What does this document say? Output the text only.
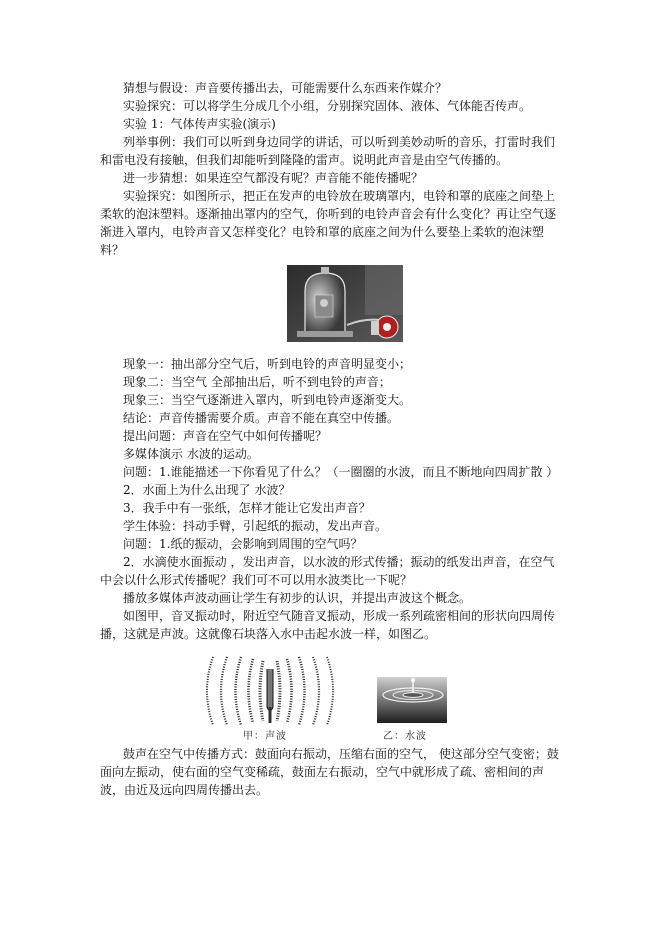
猜想与假设：声音要传播出去，可能需要什么东西来作媒介？

实验探究：可以将学生分成几个小组，分别探究固体、液体、气体能否传声。

实验 1：气体传声实验(演示)

列举事例：我们可以听到身边同学的讲话，可以听到美妙动听的音乐，打雷时我们和雷电没有接触，但我们却能听到隆隆的雷声。说明此声音是由空气传播的。

进一步猜想：如果连空气都没有呢？声音能不能传播呢？

实验探究：如图所示，把正在发声的电铃放在玻璃罩内，电铃和罩的底座之间垫上柔软的泡沫塑料。逐渐抽出罩内的空气，你听到的电铃声音会有什么变化？再让空气逐渐进入罩内，电铃声音又怎样变化？电铃和罩的底座之间为什么要垫上柔软的泡沫塑料？

现象一：抽出部分空气后，听到电铃的声音明显变小；

现象二：当空气 全部抽出后，听不到电铃的声音；

现象三：当空气逐渐进入罩内，听到电铃声逐渐变大。

结论：声音传播需要介质。声音不能在真空中传播。

提出问题：声音在空气中如何传播呢？

多媒体演示 水波的运动。

问题：1.谁能描述一下你看见了什么？（一圈圈的水波，而且不断地向四周扩散 ）

2．水面上为什么出现了 水波？

3．我手中有一张纸，怎样才能让它发出声音？

学生体验：抖动手臂，引起纸的振动，发出声音。

问题：1.纸的振动，会影响到周围的空气吗？

2．水滴使水面振动 ，发出声音，以水波的形式传播；振动的纸发出声音，在空气中会以什么形式传播呢？我们可不可以用水波类比一下呢？

播放多媒体声波动画让学生有初步的认识，并提出声波这个概念。

如图甲，音叉振动时，附近空气随音叉振动，形成一系列疏密相间的形状向四周传播，这就是声波。这就像石块落入水中击起水波一样，如图乙。

甲：声波	乙：水波

鼓声在空气中传播方式：鼓面向右振动，压缩右面的空气， 使这部分空气变密；鼓面向左振动，使右面的空气变稀疏，鼓面左右振动，空气中就形成了疏、密相间的声波，由近及远向四周传播出去。
